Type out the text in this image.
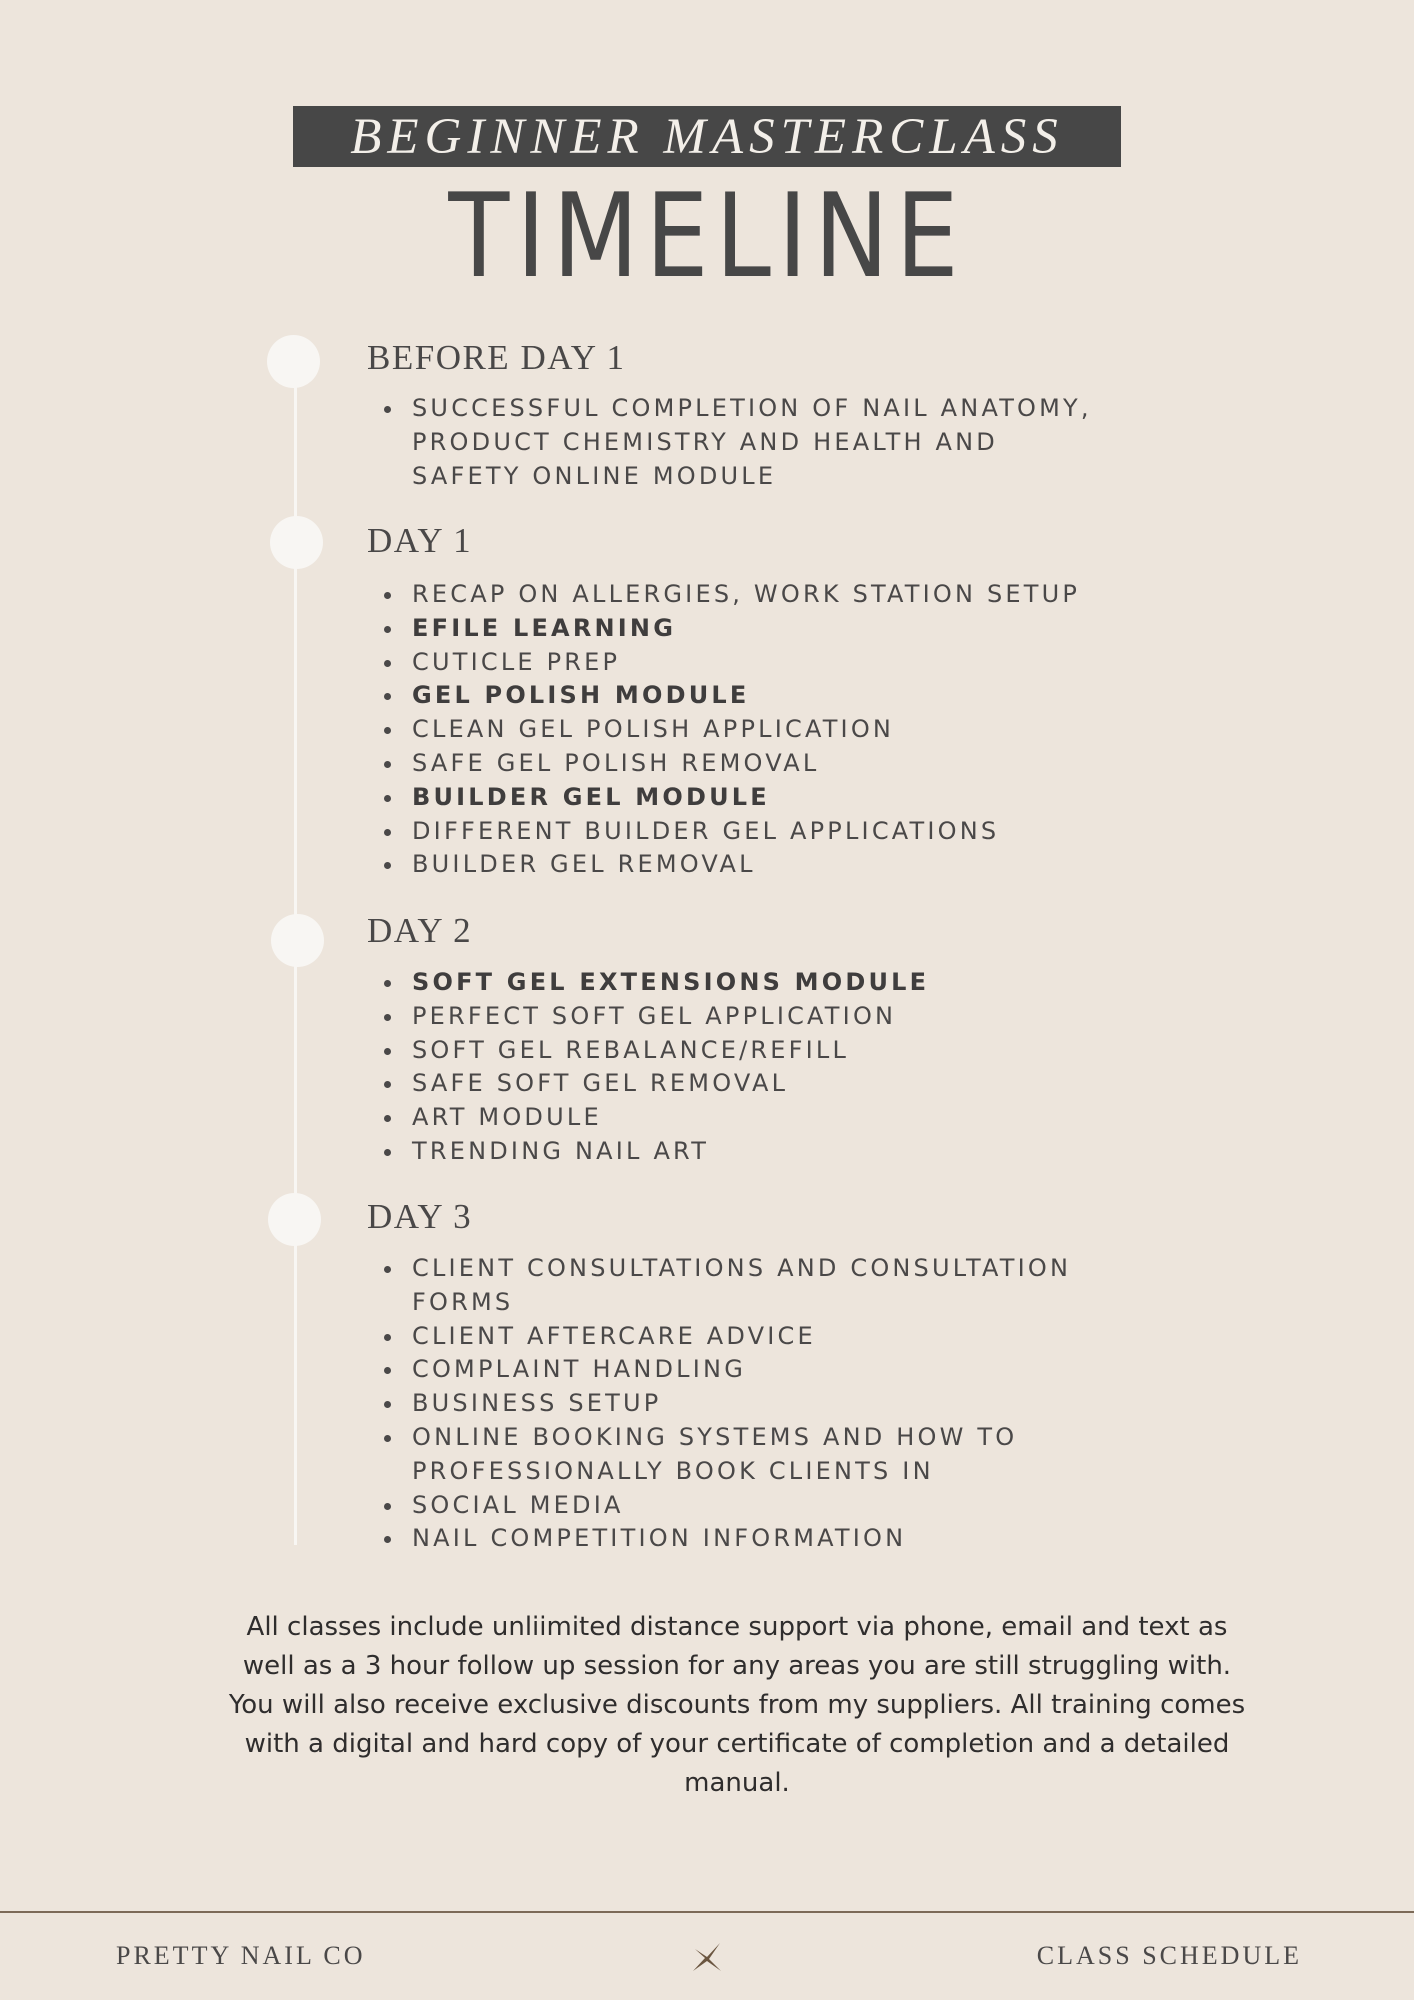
BEGINNER MASTERCLASS
TIMELINE
BEFORE DAY 1
SUCCESSFUL COMPLETION OF NAIL ANATOMY,
PRODUCT CHEMISTRY AND HEALTH AND
SAFETY ONLINE MODULE
DAY 1
RECAP ON ALLERGIES, WORK STATION SETUP
EFILE LEARNING
CUTICLE PREP
GEL POLISH MODULE
CLEAN GEL POLISH APPLICATION
SAFE GEL POLISH REMOVAL
BUILDER GEL MODULE
DIFFERENT BUILDER GEL APPLICATIONS
BUILDER GEL REMOVAL
DAY 2
SOFT GEL EXTENSIONS MODULE
PERFECT SOFT GEL APPLICATION
SOFT GEL REBALANCE/REFILL
SAFE SOFT GEL REMOVAL
ART MODULE
TRENDING NAIL ART
DAY 3
CLIENT CONSULTATIONS AND CONSULTATION
FORMS
CLIENT AFTERCARE ADVICE
COMPLAINT HANDLING
BUSINESS SETUP
ONLINE BOOKING SYSTEMS AND HOW TO
PROFESSIONALLY BOOK CLIENTS IN
SOCIAL MEDIA
NAIL COMPETITION INFORMATION
All classes include unliimited distance support via phone, email and text as well as a 3 hour follow up session for any areas you are still struggling with. You will also receive exclusive discounts from my suppliers. All training comes with a digital and hard copy of your certificate of completion and a detailed manual.
PRETTY NAIL CO	CLASS SCHEDULE
